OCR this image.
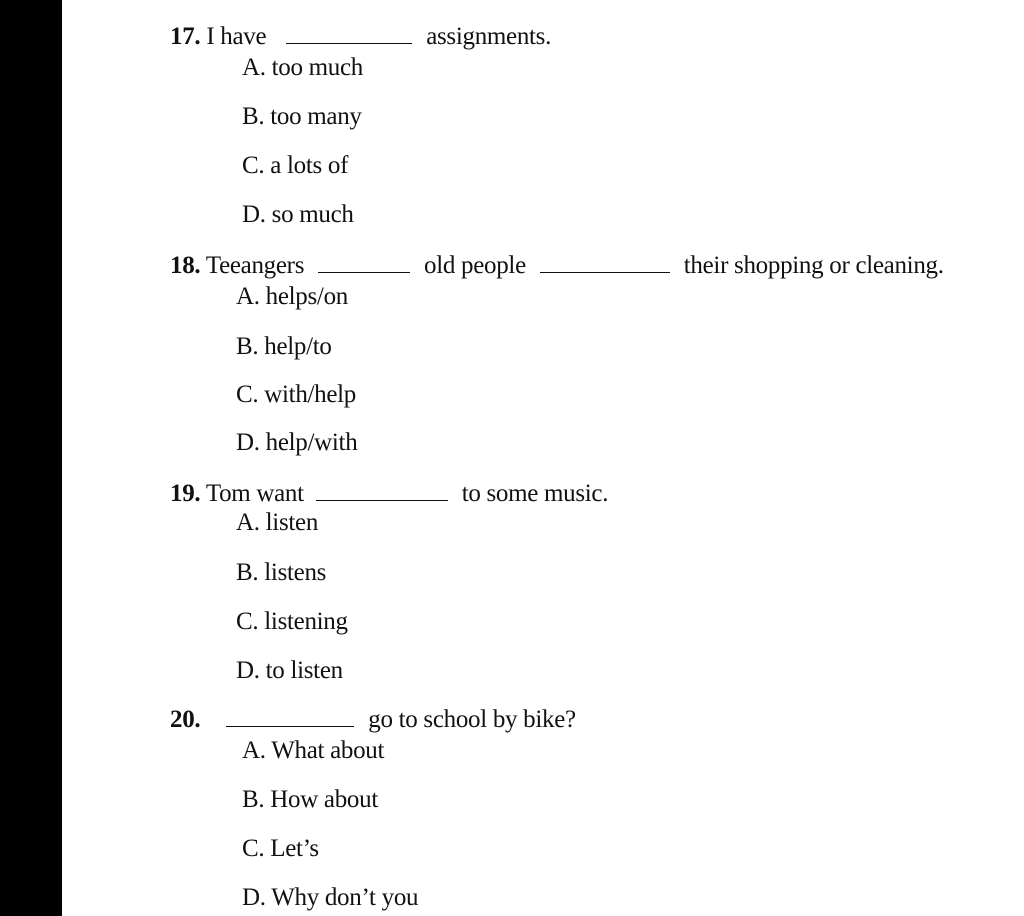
17. I have	assignments.
A. too much
B. too many
C. a lots of
D. so much
18. Teeangers	old people	their shopping or cleaning.
A. helps/on
B. help/to
C. with/help
D. help/with
19. Tom want	to some music.
A. listen
B. listens
C. listening
D. to listen
20.	go to school by bike?
A. What about
B. How about
C. Let’s
D. Why don’t you
